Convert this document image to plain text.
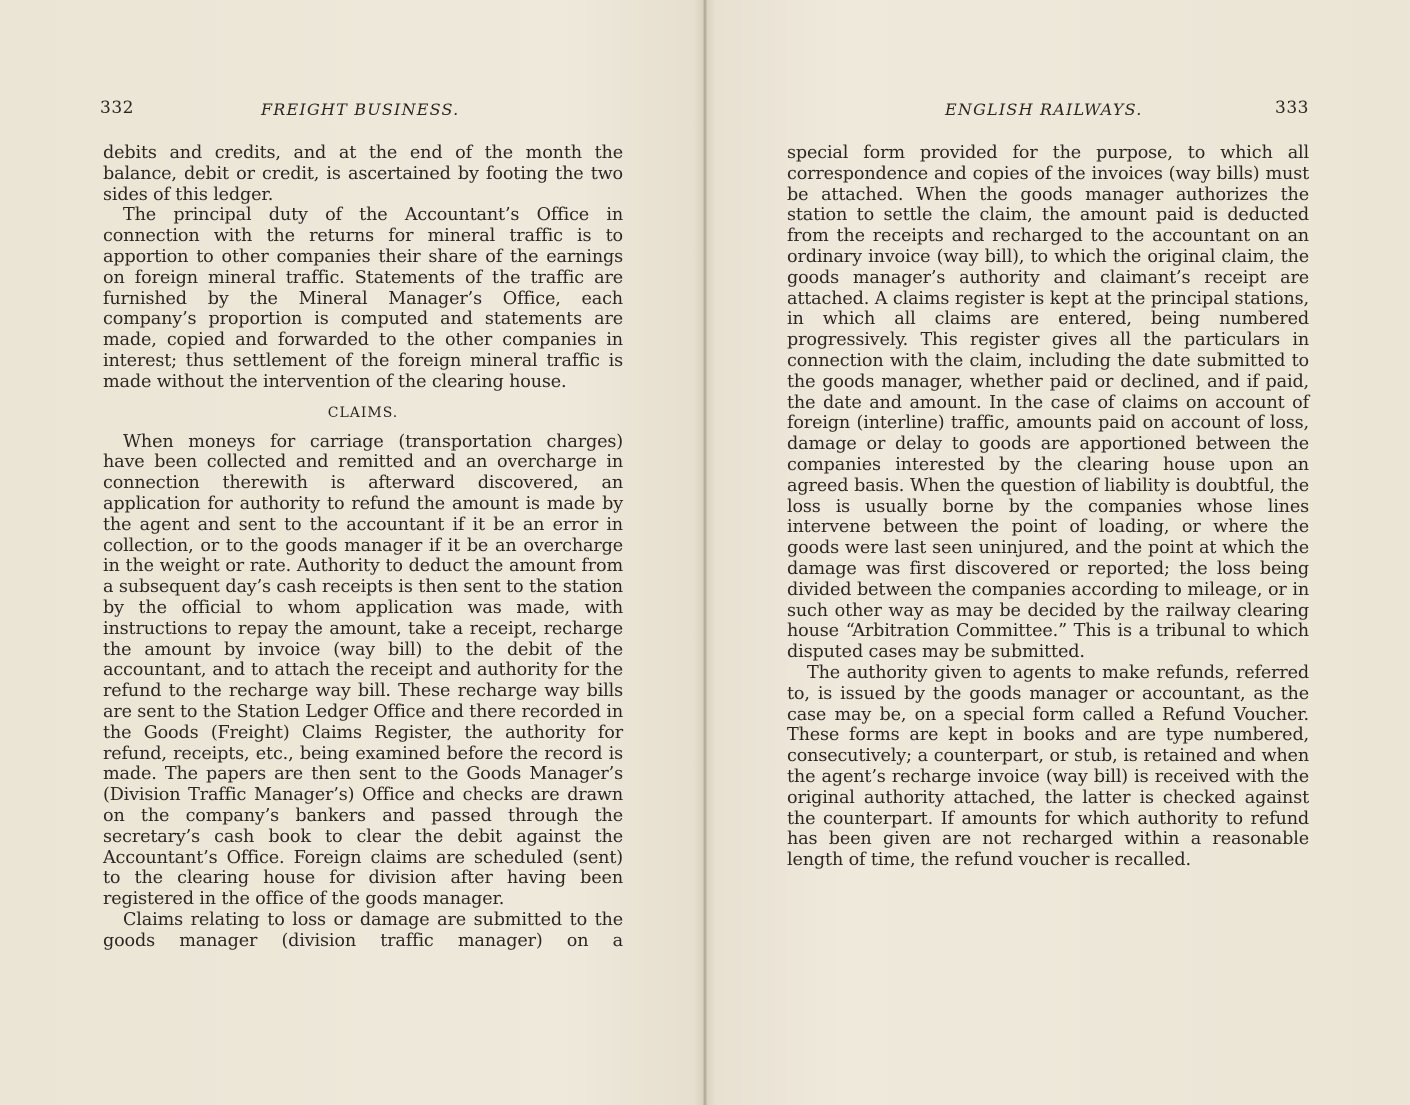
332	FREIGHT BUSINESS.

debits and credits, and at the end of the month the balance, debit or credit, is ascertained by footing the two sides of this ledger.

The principal duty of the Accountant’s Office in connection with the returns for mineral traffic is to apportion to other companies their share of the earnings on foreign mineral traffic. Statements of the traffic are furnished by the Mineral Manager’s Office, each company’s proportion is computed and statements are made, copied and forwarded to the other companies in interest; thus settlement of the foreign mineral traffic is made without the intervention of the clearing house.

CLAIMS.

When moneys for carriage (transportation charges) have been collected and remitted and an overcharge in connection therewith is afterward discovered, an application for authority to refund the amount is made by the agent and sent to the accountant if it be an error in collection, or to the goods manager if it be an overcharge in the weight or rate. Authority to deduct the amount from a subsequent day’s cash receipts is then sent to the station by the official to whom application was made, with instructions to repay the amount, take a receipt, recharge the amount by invoice (way bill) to the debit of the accountant, and to attach the receipt and authority for the refund to the recharge way bill. These recharge way bills are sent to the Station Ledger Office and there recorded in the Goods (Freight) Claims Register, the authority for refund, receipts, etc., being examined before the record is made. The papers are then sent to the Goods Manager’s (Division Traffic Manager’s) Office and checks are drawn on the company’s bankers and passed through the secretary’s cash book to clear the debit against the Accountant’s Office. Foreign claims are scheduled (sent) to the clearing house for division after having been registered in the office of the goods manager.

Claims relating to loss or damage are submitted to the goods manager (division traffic manager) on a

ENGLISH RAILWAYS.	333

special form provided for the purpose, to which all correspondence and copies of the invoices (way bills) must be attached. When the goods manager authorizes the station to settle the claim, the amount paid is deducted from the receipts and recharged to the accountant on an ordinary invoice (way bill), to which the original claim, the goods manager’s authority and claimant’s receipt are attached. A claims register is kept at the principal stations, in which all claims are entered, being numbered progressively. This register gives all the particulars in connection with the claim, including the date submitted to the goods manager, whether paid or declined, and if paid, the date and amount. In the case of claims on account of foreign (interline) traffic, amounts paid on account of loss, damage or delay to goods are apportioned between the companies interested by the clearing house upon an agreed basis. When the question of liability is doubtful, the loss is usually borne by the companies whose lines intervene between the point of loading, or where the goods were last seen uninjured, and the point at which the damage was first discovered or reported; the loss being divided between the companies according to mileage, or in such other way as may be decided by the railway clearing house “Arbitration Committee.” This is a tribunal to which disputed cases may be submitted.

The authority given to agents to make refunds, referred to, is issued by the goods manager or accountant, as the case may be, on a special form called a Refund Voucher. These forms are kept in books and are type numbered, consecutively; a counterpart, or stub, is retained and when the agent’s recharge invoice (way bill) is received with the original authority attached, the latter is checked against the counterpart. If amounts for which authority to refund has been given are not recharged within a reasonable length of time, the refund voucher is recalled.
